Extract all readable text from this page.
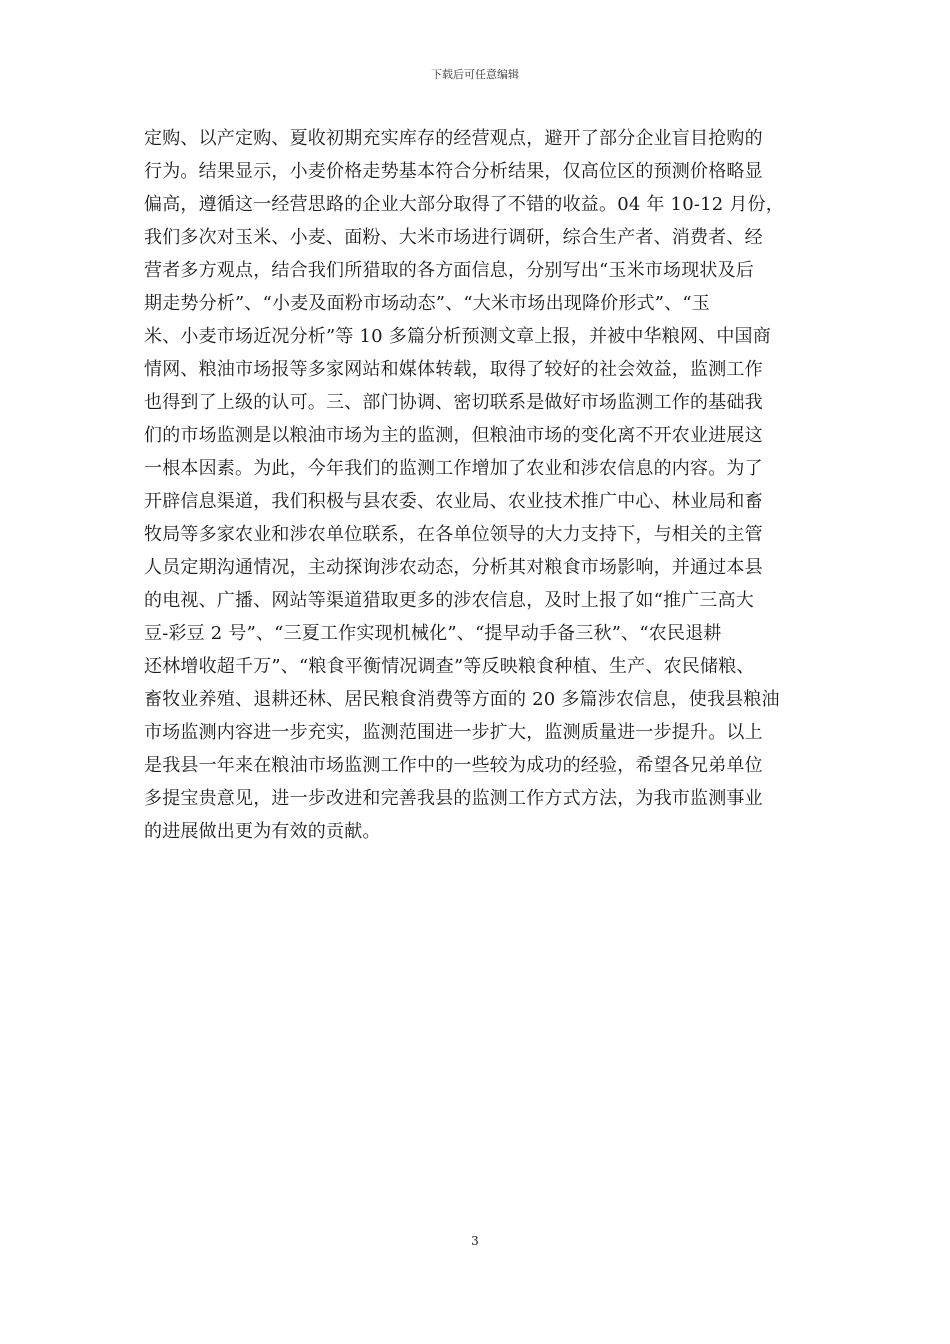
下载后可任意编辑
定购、以产定购、夏收初期充实库存的经营观点，避开了部分企业盲目抢购的
行为。结果显示，小麦价格走势基本符合分析结果，仅高位区的预测价格略显
偏高，遵循这一经营思路的企业大部分取得了不错的收益。04 年 10-12 月份，
我们多次对玉米、小麦、面粉、大米市场进行调研，综合生产者、消费者、经
营者多方观点，结合我们所猎取的各方面信息，分别写出“玉米市场现状及后
期走势分析”、“小麦及面粉市场动态”、“大米市场出现降价形式”、“玉
米、小麦市场近况分析”等 10 多篇分析预测文章上报，并被中华粮网、中国商
情网、粮油市场报等多家网站和媒体转载，取得了较好的社会效益，监测工作
也得到了上级的认可。三、部门协调、密切联系是做好市场监测工作的基础我
们的市场监测是以粮油市场为主的监测，但粮油市场的变化离不开农业进展这
一根本因素。为此，今年我们的监测工作增加了农业和涉农信息的内容。为了
开辟信息渠道，我们积极与县农委、农业局、农业技术推广中心、林业局和畜
牧局等多家农业和涉农单位联系，在各单位领导的大力支持下，与相关的主管
人员定期沟通情况，主动探询涉农动态，分析其对粮食市场影响，并通过本县
的电视、广播、网站等渠道猎取更多的涉农信息，及时上报了如“推广三高大
豆-彩豆 2 号”、“三夏工作实现机械化”、“提早动手备三秋”、“农民退耕
还林增收超千万”、“粮食平衡情况调查”等反映粮食种植、生产、农民储粮、
畜牧业养殖、退耕还林、居民粮食消费等方面的 20 多篇涉农信息，使我县粮油
市场监测内容进一步充实，监测范围进一步扩大，监测质量进一步提升。以上
是我县一年来在粮油市场监测工作中的一些较为成功的经验，希望各兄弟单位
多提宝贵意见，进一步改进和完善我县的监测工作方式方法，为我市监测事业
的进展做出更为有效的贡献。
3
